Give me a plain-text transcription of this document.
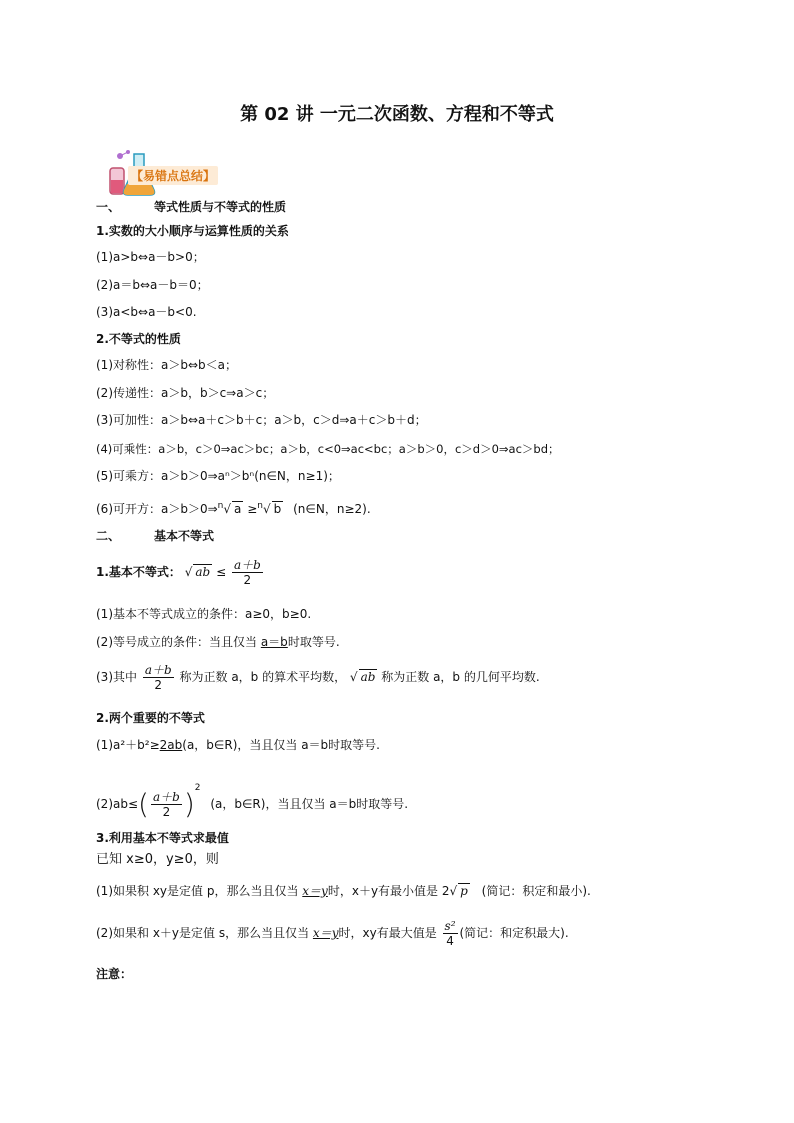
第 02 讲 一元二次函数、方程和不等式
【易错点总结】
一、	等式性质与不等式的性质
1.实数的大小顺序与运算性质的关系
(1)a>b⇔a－b>0；
(2)a＝b⇔a－b＝0；
(3)a<b⇔a－b<0.
2.不等式的性质
(1)对称性：a＞b⇔b＜a；
(2)传递性：a＞b，b＞c⇒a＞c；
(3)可加性：a＞b⇔a＋c＞b＋c；a＞b，c＞d⇒a＋c＞b＋d；
(4)可乘性：a＞b，c＞0⇒ac＞bc；a＞b，c<0⇒ac<bc；a＞b＞0，c＞d＞0⇒ac＞bd；
(5)可乘方：a＞b＞0⇒aⁿ＞bⁿ(n∈N，n≥1)；
(6)可开方：a＞b＞0⇒$^n$√ a ≥$^n$√ b (n∈N，n≥2).
二、	基本不等式
1.基本不等式： √ ab ≤ $\frac{a+b}{2}$
(1)基本不等式成立的条件：a≥0，b≥0.
(2)等号成立的条件：当且仅当 a＝b时取等号.
(3)其中 $\frac{a+b}{2}$ 称为正数 a，b 的算术平均数， √ ab 称为正数 a，b 的几何平均数.
2.两个重要的不等式
(1)a²＋b²≥2ab(a，b∈R)，当且仅当 a＝b时取等号.
$(2)ab\le( \frac{a+b}{2} )^2$ (a，b∈R)，当且仅当 a＝b时取等号.
3.利用基本不等式求最值
已知 x≥0，y≥0，则
(1)如果积 xy是定值 p，那么当且仅当 x＝y时，x＋y有最小值是 2√ p (简记：积定和最小).
(2)如果和 x＋y是定值 s，那么当且仅当 x＝y时，xy有最大值是 $\frac{\text{s²}}{4}$ (简记：和定积最大).
注意：
